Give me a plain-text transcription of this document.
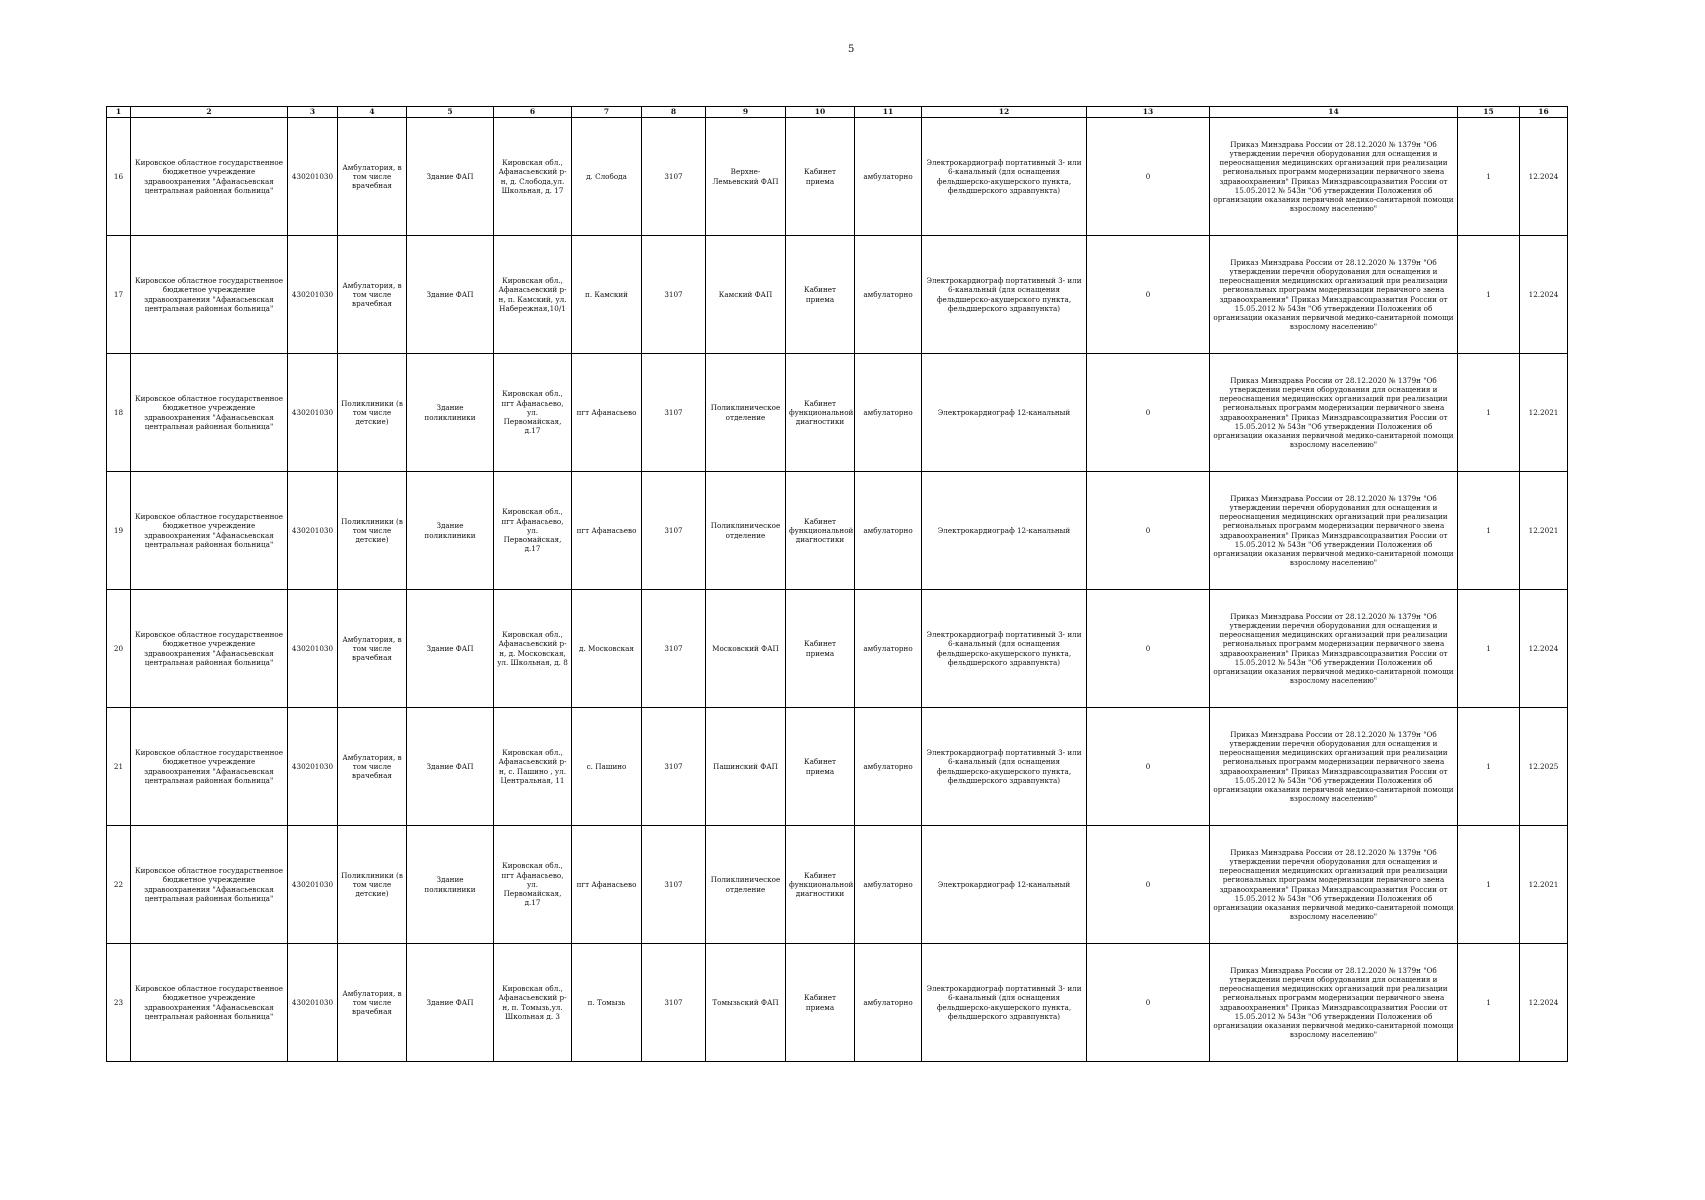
5
1	2	3	4	5	6	7	8	9	10	11	12	13	14	15	16
16	Кировское областное государственное бюджетное учреждение здравоохранения "Афанасьевская центральная районная больница"	430201030	Амбулатория, в том числе врачебная	Здание ФАП	Кировская обл., Афанасьевский р-н, д. Слобода,ул. Школьная, д. 17	д. Слобода	3107	Верхне-Лемьевский ФАП	Кабинет приема	амбулаторно	Электрокардиограф портативный 3- или 6-канальный (для оснащения фельдшерско-акушерского пункта, фельдшерского здравпункта)	0	Приказ Минздрава России от 28.12.2020 № 1379н "Об утверждении перечня оборудования для оснащения и переоснащения медицинских организаций при реализации региональных программ модернизации первичного звена здравоохранения" Приказ Минздравсоцразвития России от 15.05.2012 № 543н "Об утверждении Положения об организации оказания первичной медико-санитарной помощи взрослому населению"	1	12.2024
17	Кировское областное государственное бюджетное учреждение здравоохранения "Афанасьевская центральная районная больница"	430201030	Амбулатория, в том числе врачебная	Здание ФАП	Кировская обл., Афанасьевский р-н, п. Камский, ул. Набережная,10/1	п. Камский	3107	Камский ФАП	Кабинет приема	амбулаторно	Электрокардиограф портативный 3- или 6-канальный (для оснащения фельдшерско-акушерского пункта, фельдшерского здравпункта)	0	Приказ Минздрава России от 28.12.2020 № 1379н "Об утверждении перечня оборудования для оснащения и переоснащения медицинских организаций при реализации региональных программ модернизации первичного звена здравоохранения" Приказ Минздравсоцразвития России от 15.05.2012 № 543н "Об утверждении Положения об организации оказания первичной медико-санитарной помощи взрослому населению"	1	12.2024
18	Кировское областное государственное бюджетное учреждение здравоохранения "Афанасьевская центральная районная больница"	430201030	Поликлиники (в том числе детские)	Здание поликлиники	Кировская обл., пгт Афанасьево, ул. Первомайская, д.17	пгт Афанасьево	3107	Поликлиническое отделение	Кабинет функциональной диагностики	амбулаторно	Электрокардиограф 12-канальный	0	Приказ Минздрава России от 28.12.2020 № 1379н "Об утверждении перечня оборудования для оснащения и переоснащения медицинских организаций при реализации региональных программ модернизации первичного звена здравоохранения" Приказ Минздравсоцразвития России от 15.05.2012 № 543н "Об утверждении Положения об организации оказания первичной медико-санитарной помощи взрослому населению"	1	12.2021
19	Кировское областное государственное бюджетное учреждение здравоохранения "Афанасьевская центральная районная больница"	430201030	Поликлиники (в том числе детские)	Здание поликлиники	Кировская обл., пгт Афанасьево, ул. Первомайская, д.17	пгт Афанасьево	3107	Поликлиническое отделение	Кабинет функциональной диагностики	амбулаторно	Электрокардиограф 12-канальный	0	Приказ Минздрава России от 28.12.2020 № 1379н "Об утверждении перечня оборудования для оснащения и переоснащения медицинских организаций при реализации региональных программ модернизации первичного звена здравоохранения" Приказ Минздравсоцразвития России от 15.05.2012 № 543н "Об утверждении Положения об организации оказания первичной медико-санитарной помощи взрослому населению"	1	12.2021
20	Кировское областное государственное бюджетное учреждение здравоохранения "Афанасьевская центральная районная больница"	430201030	Амбулатория, в том числе врачебная	Здание ФАП	Кировская обл., Афанасьевский р-н, д. Московская, ул. Школьная, д. 8	д. Московская	3107	Московский ФАП	Кабинет приема	амбулаторно	Электрокардиограф портативный 3- или 6-канальный (для оснащения фельдшерско-акушерского пункта, фельдшерского здравпункта)	0	Приказ Минздрава России от 28.12.2020 № 1379н "Об утверждении перечня оборудования для оснащения и переоснащения медицинских организаций при реализации региональных программ модернизации первичного звена здравоохранения" Приказ Минздравсоцразвития России от 15.05.2012 № 543н "Об утверждении Положения об организации оказания первичной медико-санитарной помощи взрослому населению"	1	12.2024
21	Кировское областное государственное бюджетное учреждение здравоохранения "Афанасьевская центральная районная больница"	430201030	Амбулатория, в том числе врачебная	Здание ФАП	Кировская обл., Афанасьевский р-н, с. Пашино , ул. Центральная, 11	с. Пашино	3107	Пашинский ФАП	Кабинет приема	амбулаторно	Электрокардиограф портативный 3- или 6-канальный (для оснащения фельдшерско-акушерского пункта, фельдшерского здравпункта)	0	Приказ Минздрава России от 28.12.2020 № 1379н "Об утверждении перечня оборудования для оснащения и переоснащения медицинских организаций при реализации региональных программ модернизации первичного звена здравоохранения" Приказ Минздравсоцразвития России от 15.05.2012 № 543н "Об утверждении Положения об организации оказания первичной медико-санитарной помощи взрослому населению"	1	12.2025
22	Кировское областное государственное бюджетное учреждение здравоохранения "Афанасьевская центральная районная больница"	430201030	Поликлиники (в том числе детские)	Здание поликлиники	Кировская обл., пгт Афанасьево, ул. Первомайская, д.17	пгт Афанасьево	3107	Поликлиническое отделение	Кабинет функциональной диагностики	амбулаторно	Электрокардиограф 12-канальный	0	Приказ Минздрава России от 28.12.2020 № 1379н "Об утверждении перечня оборудования для оснащения и переоснащения медицинских организаций при реализации региональных программ модернизации первичного звена здравоохранения" Приказ Минздравсоцразвития России от 15.05.2012 № 543н "Об утверждении Положения об организации оказания первичной медико-санитарной помощи взрослому населению"	1	12.2021
23	Кировское областное государственное бюджетное учреждение здравоохранения "Афанасьевская центральная районная больница"	430201030	Амбулатория, в том числе врачебная	Здание ФАП	Кировская обл., Афанасьевский р-н, п. Томызь,ул. Школьная д. 3	п. Томызь	3107	Томызьский ФАП	Кабинет приема	амбулаторно	Электрокардиограф портативный 3- или 6-канальный (для оснащения фельдшерско-акушерского пункта, фельдшерского здравпункта)	0	Приказ Минздрава России от 28.12.2020 № 1379н "Об утверждении перечня оборудования для оснащения и переоснащения медицинских организаций при реализации региональных программ модернизации первичного звена здравоохранения" Приказ Минздравсоцразвития России от 15.05.2012 № 543н "Об утверждении Положения об организации оказания первичной медико-санитарной помощи взрослому населению"	1	12.2024
